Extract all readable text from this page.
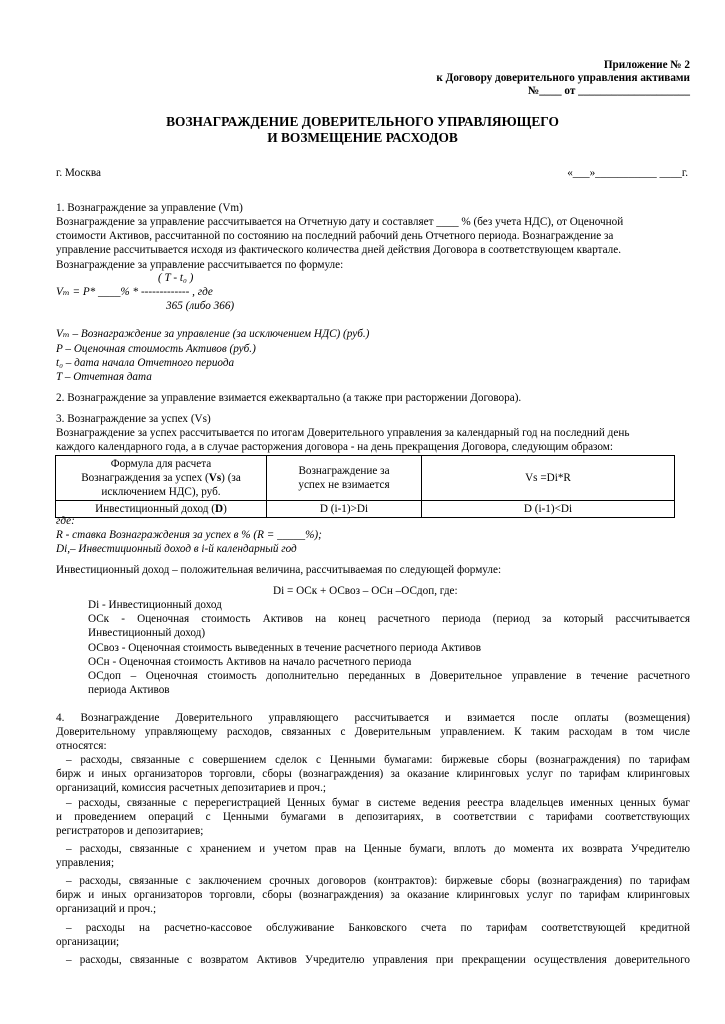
Приложение № 2
к Договору доверительного управления активами
№____ от ____________________
ВОЗНАГРАЖДЕНИЕ ДОВЕРИТЕЛЬНОГО УПРАВЛЯЮЩЕГО
И ВОЗМЕЩЕНИЕ РАСХОДОВ
г. Москва	«___»___________ ____г.
1. Вознаграждение за управление (Vm)
Вознаграждение за управление рассчитывается на Отчетную дату и составляет ____ % (без учета НДС), от Оценочной
стоимости Активов, рассчитанной по состоянию на последний рабочий день Отчетного периода. Вознаграждение за
управление рассчитывается исходя из фактического количества дней действия Договора в соответствующем квартале.
Вознаграждение за управление рассчитывается по формуле:
( T - t₀ )
Vₘ = P* ____% * ------------- , где
365 (либо 366)
Vₘ – Вознаграждение за управление (за исключением НДС) (руб.)
P – Оценочная стоимость Активов (руб.)
t₀ – дата начала Отчетного периода
T – Отчетная дата
2. Вознаграждение за управление взимается ежеквартально (а также при расторжении Договора).
3. Вознаграждение за успех (Vs)
Вознаграждение за успех рассчитывается по итогам Доверительного управления за календарный год на последний день
каждого календарного года, а в случае расторжения договора - на день прекращения Договора, следующим образом:
Формула для расчета
Вознаграждения за успех (Vs) (за
исключением НДС), руб.	Вознаграждение за
успех не взимается	Vs =Di*R
Инвестиционный доход (D)	D (i-1)>Di	D (i-1)<Di
где:
R - ставка Вознаграждения за успех в % (R = _____%);
Di,– Инвестиционный доход в i-й календарный год
Инвестиционный доход – положительная величина, рассчитываемая по следующей формуле:
Di = ОСк + ОСвоз – ОСн –ОСдоп, где:
Di - Инвестиционный доход
ОСк - Оценочная стоимость Активов на конец расчетного периода (период за который рассчитывается
Инвестиционный доход)
ОСвоз - Оценочная стоимость выведенных в течение расчетного периода Активов
ОСн - Оценочная стоимость Активов на начало расчетного периода
ОСдоп – Оценочная стоимость дополнительно переданных в Доверительное управление в течение расчетного
периода Активов
4. Вознаграждение Доверительного управляющего рассчитывается и взимается после оплаты (возмещения)
Доверительному управляющему расходов, связанных с Доверительным управлением. К таким расходам в том числе
относятся:
– расходы, связанные с совершением сделок с Ценными бумагами: биржевые сборы (вознаграждения) по тарифам
бирж и иных организаторов торговли, сборы (вознаграждения) за оказание клиринговых услуг по тарифам клиринговых
организаций, комиссия расчетных депозитариев и проч.;
– расходы, связанные с перерегистрацией Ценных бумаг в системе ведения реестра владельцев именных ценных бумаг
и проведением операций с Ценными бумагами в депозитариях, в соответствии с тарифами соответствующих
регистраторов и депозитариев;
– расходы, связанные с хранением и учетом прав на Ценные бумаги, вплоть до момента их возврата Учредителю
управления;
– расходы, связанные с заключением срочных договоров (контрактов): биржевые сборы (вознаграждения) по тарифам
бирж и иных организаторов торговли, сборы (вознаграждения) за оказание клиринговых услуг по тарифам клиринговых
организаций и проч.;
– расходы на расчетно-кассовое обслуживание Банковского счета по тарифам соответствующей кредитной
организации;
– расходы, связанные с возвратом Активов Учредителю управления при прекращении осуществления доверительного
